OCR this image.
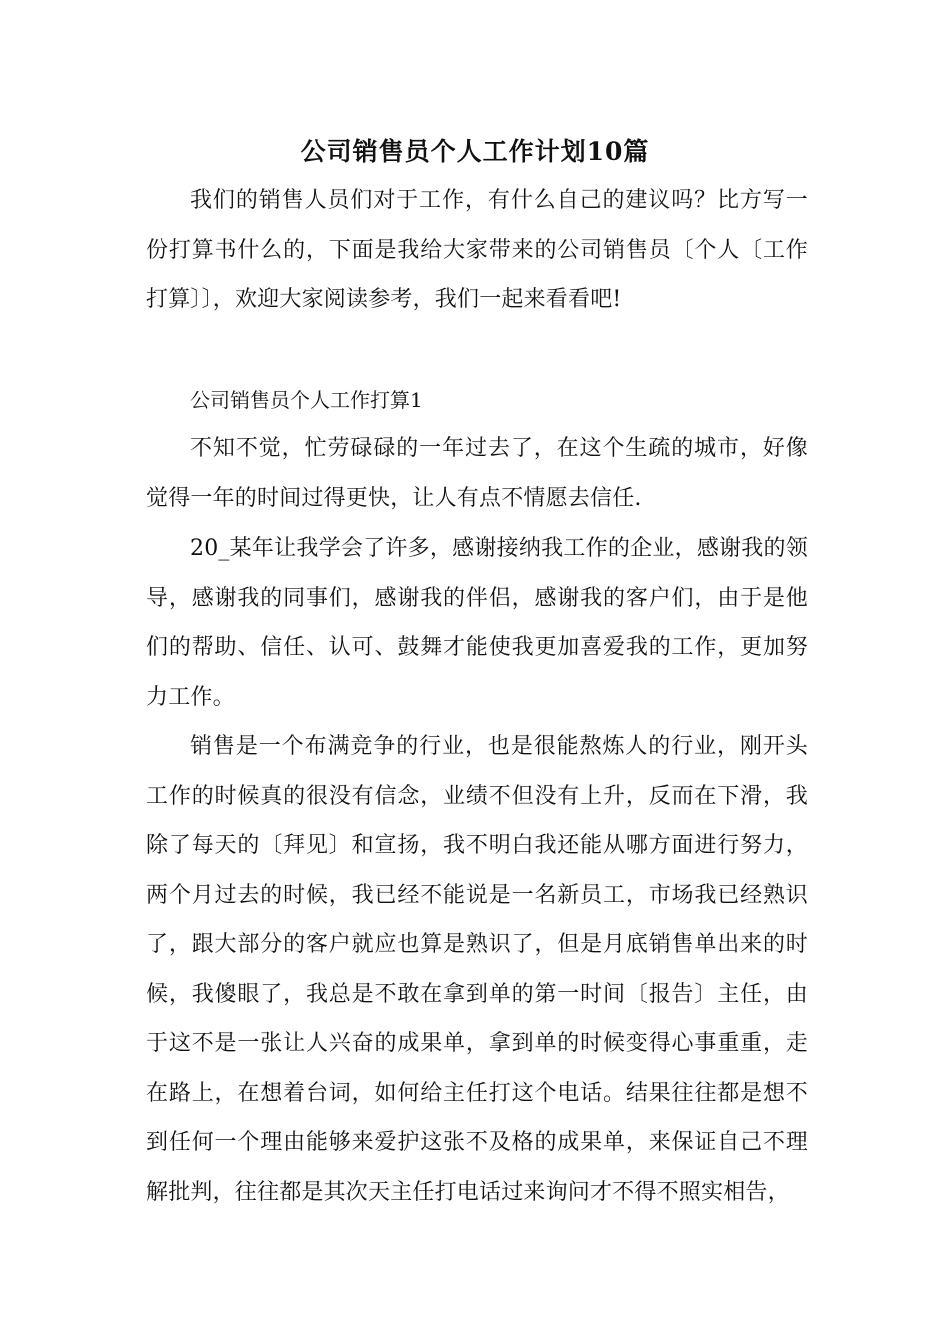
公司销售员个人工作计划10篇

我们的销售人员们对于工作，有什么自己的建议吗？比方写一份打算书什么的，下面是我给大家带来的公司销售员〔个人〔工作打算〕〕，欢迎大家阅读参考，我们一起来看看吧!

公司销售员个人工作打算1

不知不觉，忙劳碌碌的一年过去了，在这个生疏的城市，好像觉得一年的时间过得更快，让人有点不情愿去信任.

20_某年让我学会了许多，感谢接纳我工作的企业，感谢我的领导，感谢我的同事们，感谢我的伴侣，感谢我的客户们，由于是他们的帮助、信任、认可、鼓舞才能使我更加喜爱我的工作，更加努力工作。

销售是一个布满竞争的行业，也是很能熬炼人的行业，刚开头工作的时候真的很没有信念，业绩不但没有上升，反而在下滑，我除了每天的〔拜见〕和宣扬，我不明白我还能从哪方面进行努力，两个月过去的时候，我已经不能说是一名新员工，市场我已经熟识了，跟大部分的客户就应也算是熟识了，但是月底销售单出来的时候，我傻眼了，我总是不敢在拿到单的第一时间〔报告〕主任，由于这不是一张让人兴奋的成果单，拿到单的时候变得心事重重，走在路上，在想着台词，如何给主任打这个电话。结果往往都是想不到任何一个理由能够来爱护这张不及格的成果单，来保证自己不理解批判，往往都是其次天主任打电话过来询问才不得不照实相告，
